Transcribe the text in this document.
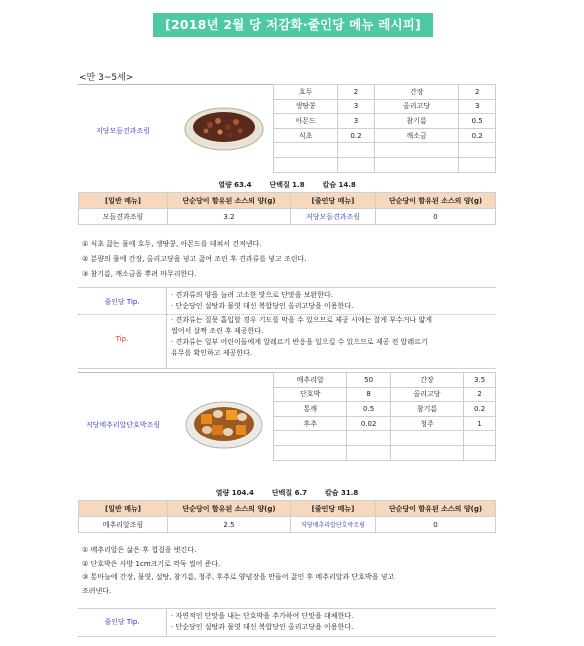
[2018년 2월 당 저감화·줄인당 메뉴 레시피]
<만 3~5세>
저당모듬견과조림
호두	2	간장	2
생땅콩	3	올리고당	3
아몬드	3	참기름	0.5
식초	0.2	깨소금	0.2

열량 63.4	단백질 1.8	칼슘 14.8
[일반 메뉴]	단순당이 함유된 소스의 양(g)	[줄인당 메뉴]	단순당이 함유된 소스의 양(g)
모듬견과조림	3.2	저당모듬견과조림	0
① 식초 끓는 물에 호두, 생땅콩, 아몬드를 데쳐서 건져낸다.
② 분량의 물에 간장, 올리고당을 넣고 끓여 조린 후 견과류를 넣고 조린다.
③ 참기름, 깨소금을 뿌려 마무리한다.
줄인당 Tip.
· 견과류의 양을 늘려 고소한 맛으로 단맛을 보완한다.
· 단순당인 설탕과 물엿 대신 복합당인 올리고당을 이용한다.
Tip.
· 견과류는 질못 흡입할 경우 기도를 막을 수 있으므로 제공 시에는 잘게 부수거나 얇게
썰어서 살짝 조린 후 제공한다.
· 견과류는 일부 어린이들에게 알레르기 반응을 일으킬 수 있으므로 제공 전 알레르기
유무를 확인하고 제공한다.
저당메추리알단호박조림
메추리알	50	간장	3.5
단호박	8	올리고당	2
통깨	0.5	참기름	0.2
후추	0.02	청주	1

열량 104.4	단백질 6.7	칼슘 31.8
[일반 메뉴]	단순당이 함유된 소스의 양(g)	[줄인당 메뉴]	단순당이 함유된 소스의 양(g)
메추리알조림	2.5	저당메추리알단호박조림	0
① 메추리알은 삶은 후 껍질을 벗긴다.
② 단호박은 사방 1cm크기로 깍둑 썰어 준다.
③ 통마늘에 간장, 물엿, 설탕, 참기름, 청주, 후추로 양념장을 만들어 끓인 후 메추리알과 단호박을 넣고
조려낸다.
줄인당 Tip.
· 자연적인 단맛을 내는 단호박을 추가하여 단맛을 대체한다.
· 단순당인 설탕과 물엿 대신 복합당인 올리고당을 이용한다.
